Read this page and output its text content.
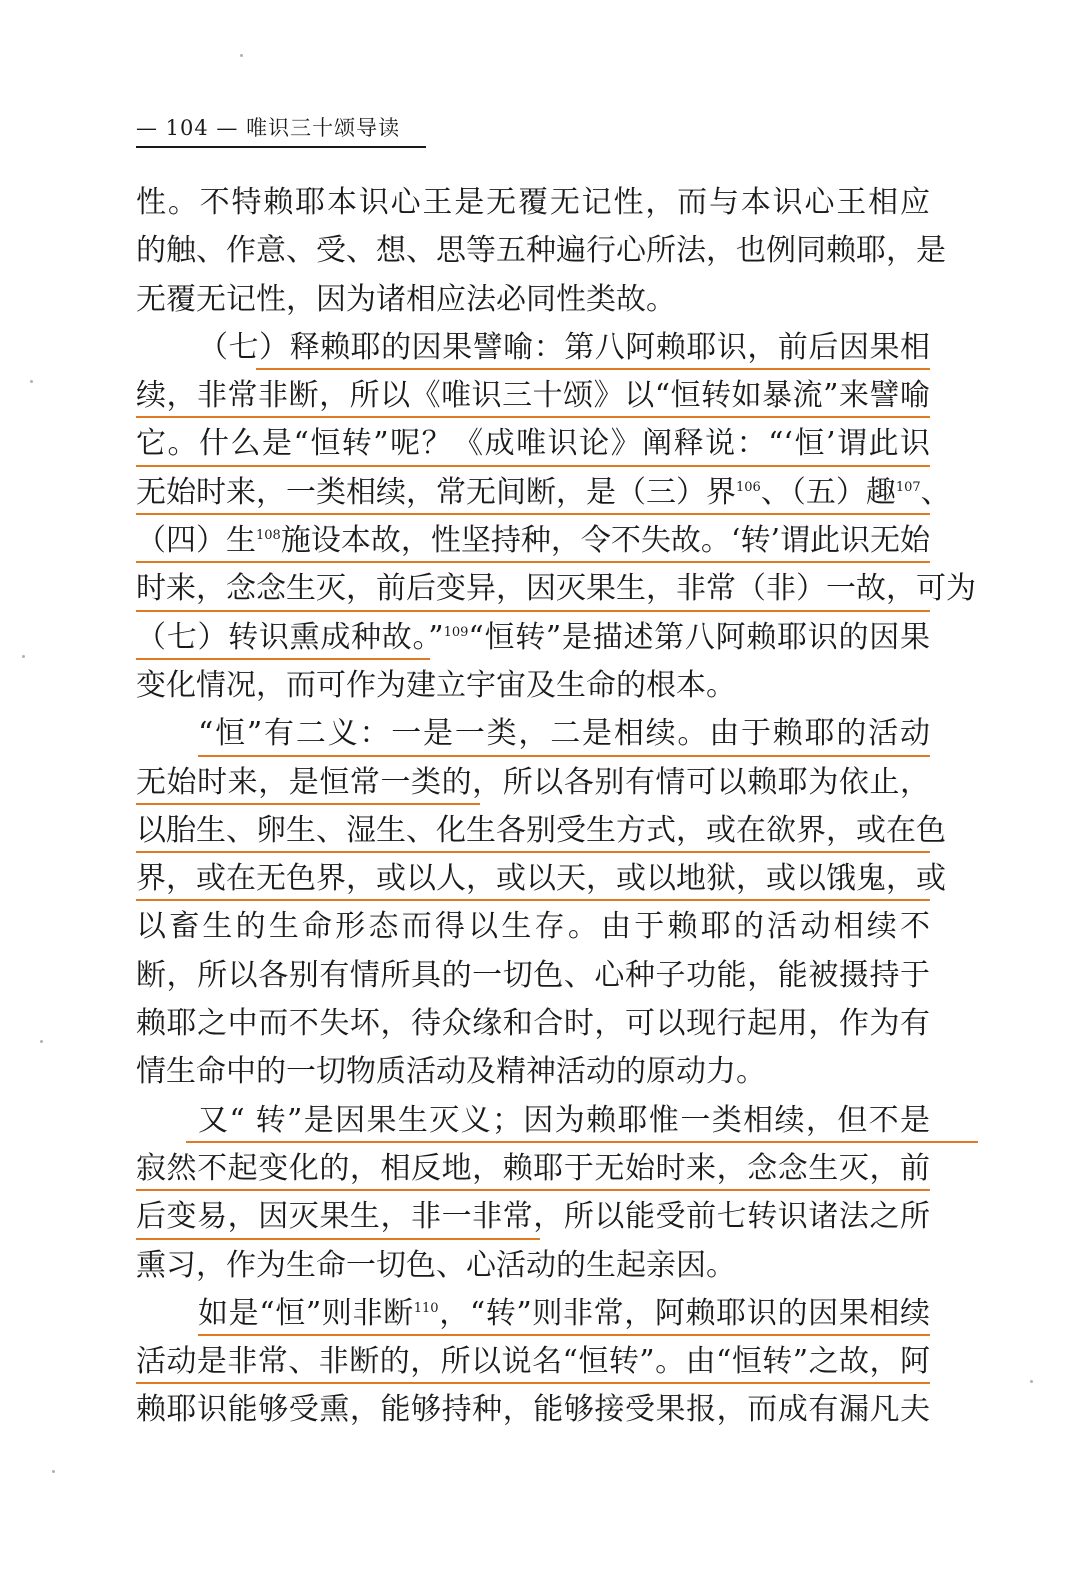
— 104 — 唯识三十颂导读
性。不特赖耶本识心王是无覆无记性，而与本识心王相应
的触、作意、受、想、思等五种遍行心所法，也例同赖耶，是
无覆无记性，因为诸相应法必同性类故。
（七）释赖耶的因果譬喻：第八阿赖耶识，前后因果相
续，非常非断，所以《唯识三十颂》以“恒转如暴流”来譬喻
它。什么是“恒转”呢？《成唯识论》阐释说：“‘恒’谓此识
无始时来，一类相续，常无间断，是（三）界$^{106}$、（五）趣$^{107}$、
（四）生$^{108}$施设本故，性坚持种，令不失故。‘转’谓此识无始
时来，念念生灭，前后变异，因灭果生，非常（非）一故，可为
（七）转识熏成种故。”$^{109}$“恒转”是描述第八阿赖耶识的因果
变化情况，而可作为建立宇宙及生命的根本。
“恒”有二义：一是一类，二是相续。由于赖耶的活动
无始时来，是恒常一类的，所以各别有情可以赖耶为依止，
以胎生、卵生、湿生、化生各别受生方式，或在欲界，或在色
界，或在无色界，或以人，或以天，或以地狱，或以饿鬼，或
以畜生的生命形态而得以生存。由于赖耶的活动相续不
断，所以各别有情所具的一切色、心种子功能，能被摄持于
赖耶之中而不失坏，待众缘和合时，可以现行起用，作为有
情生命中的一切物质活动及精神活动的原动力。
又“ 转”是因果生灭义；因为赖耶惟一类相续，但不是
寂然不起变化的，相反地，赖耶于无始时来，念念生灭，前
后变易，因灭果生，非一非常，所以能受前七转识诸法之所
熏习，作为生命一切色、心活动的生起亲因。
如是“恒”则非断$^{110}$，“转”则非常，阿赖耶识的因果相续
活动是非常、非断的，所以说名“恒转”。由“恒转”之故，阿
赖耶识能够受熏，能够持种，能够接受果报，而成有漏凡夫
